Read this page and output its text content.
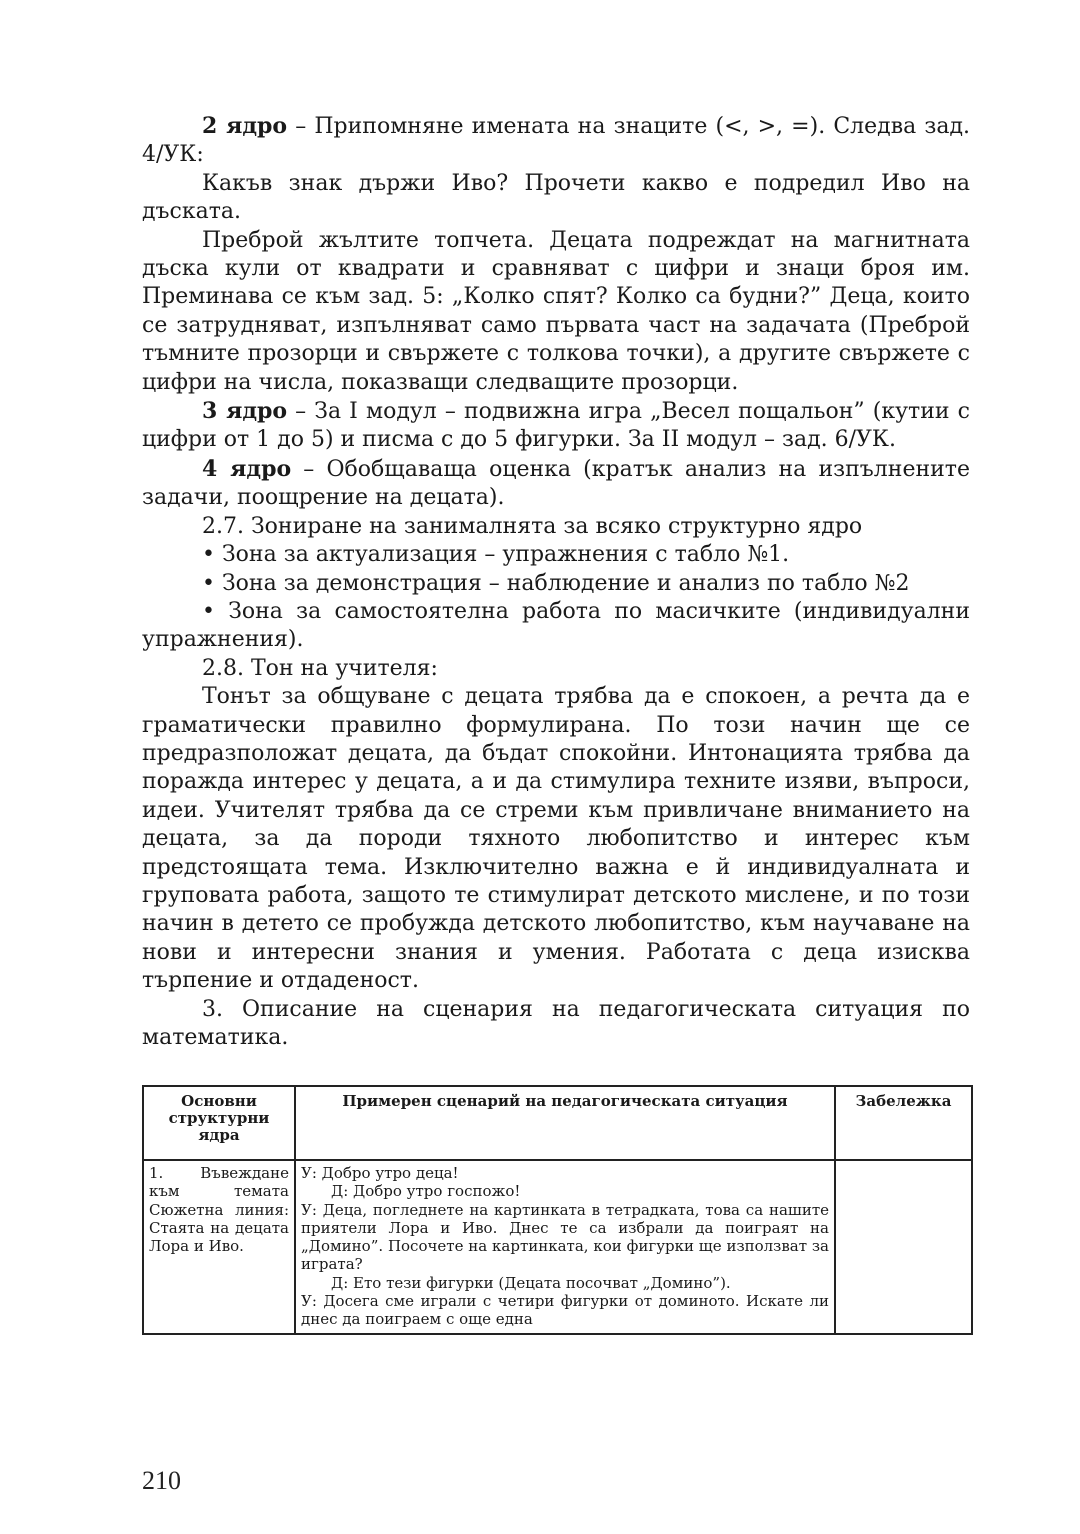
2 ядро – Припомняне имената на знаците (<, >, =). Следва зад. 4/УК:

Какъв знак държи Иво? Прочети какво е подредил Иво на дъската.

Преброй жълтите топчета. Децата подреждат на магнитната дъска кули от квадрати и сравняват с цифри и знаци броя им. Преминава се към зад. 5: „Колко спят? Колко са будни?” Деца, които се затрудняват, изпълняват само първата част на задачата (Преброй тъмните прозорци и свържете с толкова точки), а другите свържете с цифри на числа, показващи следващите прозорци.

3 ядро – За I модул – подвижна игра „Весел пощальон” (кутии с цифри от 1 до 5) и писма с до 5 фигурки. За II модул – зад. 6/УК.

4 ядро – Обобщаваща оценка (кратък анализ на изпълнените задачи, поощрение на децата).

2.7. Зониране на занималнята за всяко структурно ядро

• Зона за актуализация – упражнения с табло №1.

• Зона за демонстрация – наблюдение и анализ по табло №2

• Зона за самостоятелна работа по масичките (индивидуални упражнения).

2.8. Тон на учителя:

Тонът за общуване с децата трябва да е спокоен, а речта да е граматически правилно формулирана. По този начин ще се предразположат децата, да бъдат спокойни. Интонацията трябва да поражда интерес у децата, а и да стимулира техните изяви, въпроси, идеи. Учителят трябва да се стреми към привличане вниманието на децата, за да породи тяхното любопитство и интерес към предстоящата тема. Изключително важна е й индивидуалната и груповата работа, защото те стимулират детското мислене, и по този начин в детето се пробужда детското любопитство, към научаване на нови и интересни знания и умения. Работата с деца изисква търпение и отдаденост.

3. Описание на сценария на педагогическата ситуация по математика.

Основни структурни ядра	Примерен сценарий на педагогическата ситуация	Забележка
1. Въвеждане към темата Сюжетна линия: Стаята на децата Лора и Иво.	У: Добро утро деца!
Д: Добро утро госпожо!
У: Деца, погледнете на картинката в тетрадката, това са нашите приятели Лора и Иво. Днес те са избрали да поиграят на „Домино”. Посочете на картинката, кои фигурки ще използват за играта?
Д: Ето тези фигурки (Децата посочват „Домино”).
У: Досега сме играли с четири фигурки от доминото. Искате ли днес да поиграем с още една	

210
